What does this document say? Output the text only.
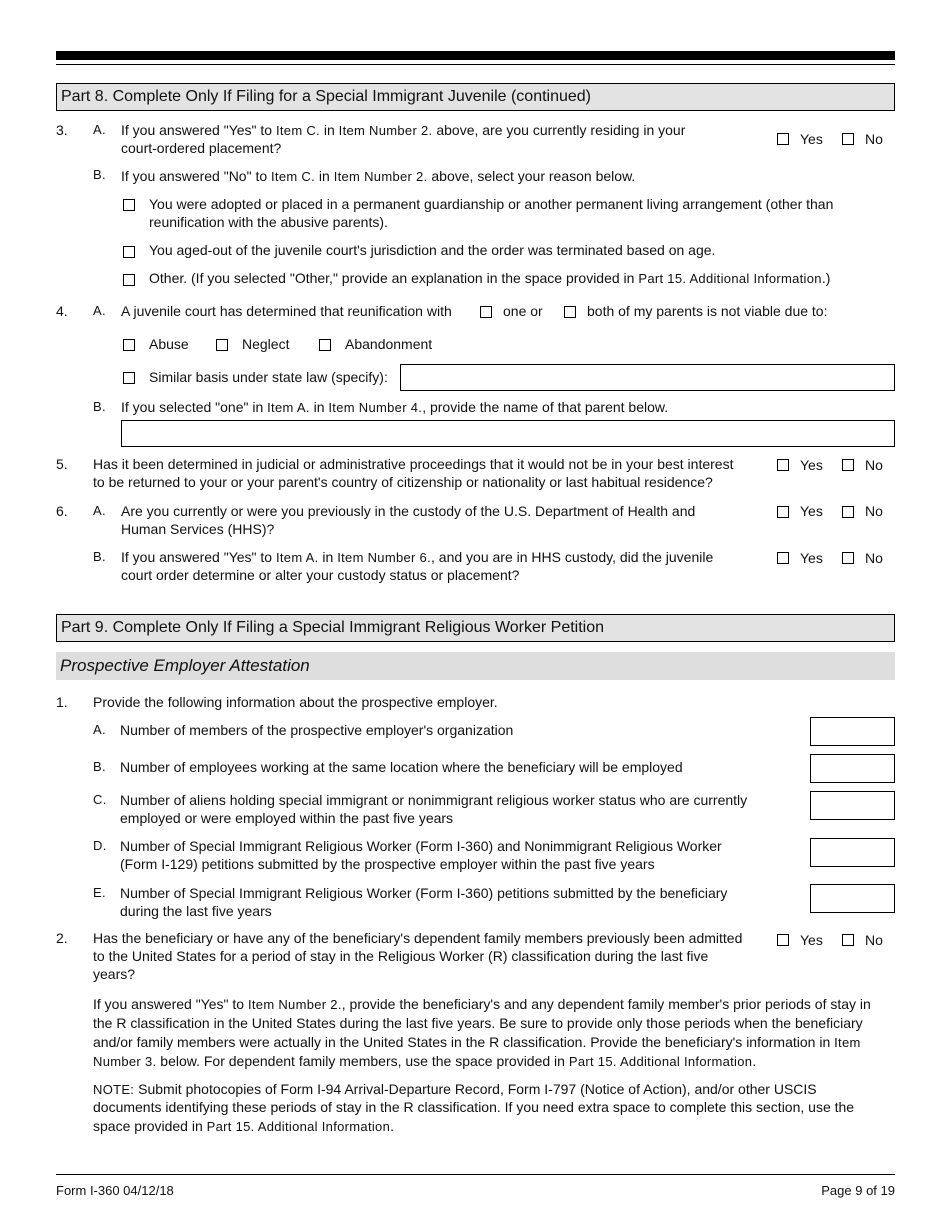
Part 8. Complete Only If Filing for a Special Immigrant Juvenile (continued)
3. A. If you answered "Yes" to Item C. in Item Number 2. above, are you currently residing in your
court-ordered placement?
Yes	No
B. If you answered "No" to Item C. in Item Number 2. above, select your reason below.
You were adopted or placed in a permanent guardianship or another permanent living arrangement (other than
reunification with the abusive parents).
You aged-out of the juvenile court's jurisdiction and the order was terminated based on age.
Other. (If you selected "Other," provide an explanation in the space provided in Part 15. Additional Information.)
4. A. A juvenile court has determined that reunification with	one or	both of my parents is not viable due to:
Abuse	Neglect	Abandonment
Similar basis under state law (specify):
B. If you selected "one" in Item A. in Item Number 4., provide the name of that parent below.
5. Has it been determined in judicial or administrative proceedings that it would not be in your best interest
to be returned to your or your parent's country of citizenship or nationality or last habitual residence?
Yes	No
6. A. Are you currently or were you previously in the custody of the U.S. Department of Health and
Human Services (HHS)?
Yes	No
B. If you answered "Yes" to Item A. in Item Number 6., and you are in HHS custody, did the juvenile
court order determine or alter your custody status or placement?
Yes	No
Part 9. Complete Only If Filing a Special Immigrant Religious Worker Petition
Prospective Employer Attestation
1. Provide the following information about the prospective employer.
A. Number of members of the prospective employer's organization
B. Number of employees working at the same location where the beneficiary will be employed
C. Number of aliens holding special immigrant or nonimmigrant religious worker status who are currently
employed or were employed within the past five years
D. Number of Special Immigrant Religious Worker (Form I-360) and Nonimmigrant Religious Worker
(Form I-129) petitions submitted by the prospective employer within the past five years
E. Number of Special Immigrant Religious Worker (Form I-360) petitions submitted by the beneficiary
during the last five years
2. Has the beneficiary or have any of the beneficiary's dependent family members previously been admitted
to the United States for a period of stay in the Religious Worker (R) classification during the last five
years?
Yes	No
If you answered "Yes" to Item Number 2., provide the beneficiary's and any dependent family member's prior periods of stay in
the R classification in the United States during the last five years. Be sure to provide only those periods when the beneficiary
and/or family members were actually in the United States in the R classification. Provide the beneficiary's information in Item
Number 3. below. For dependent family members, use the space provided in Part 15. Additional Information.
NOTE: Submit photocopies of Form I-94 Arrival-Departure Record, Form I-797 (Notice of Action), and/or other USCIS
documents identifying these periods of stay in the R classification. If you need extra space to complete this section, use the
space provided in Part 15. Additional Information.
Form I-360 04/12/18	Page 9 of 19
